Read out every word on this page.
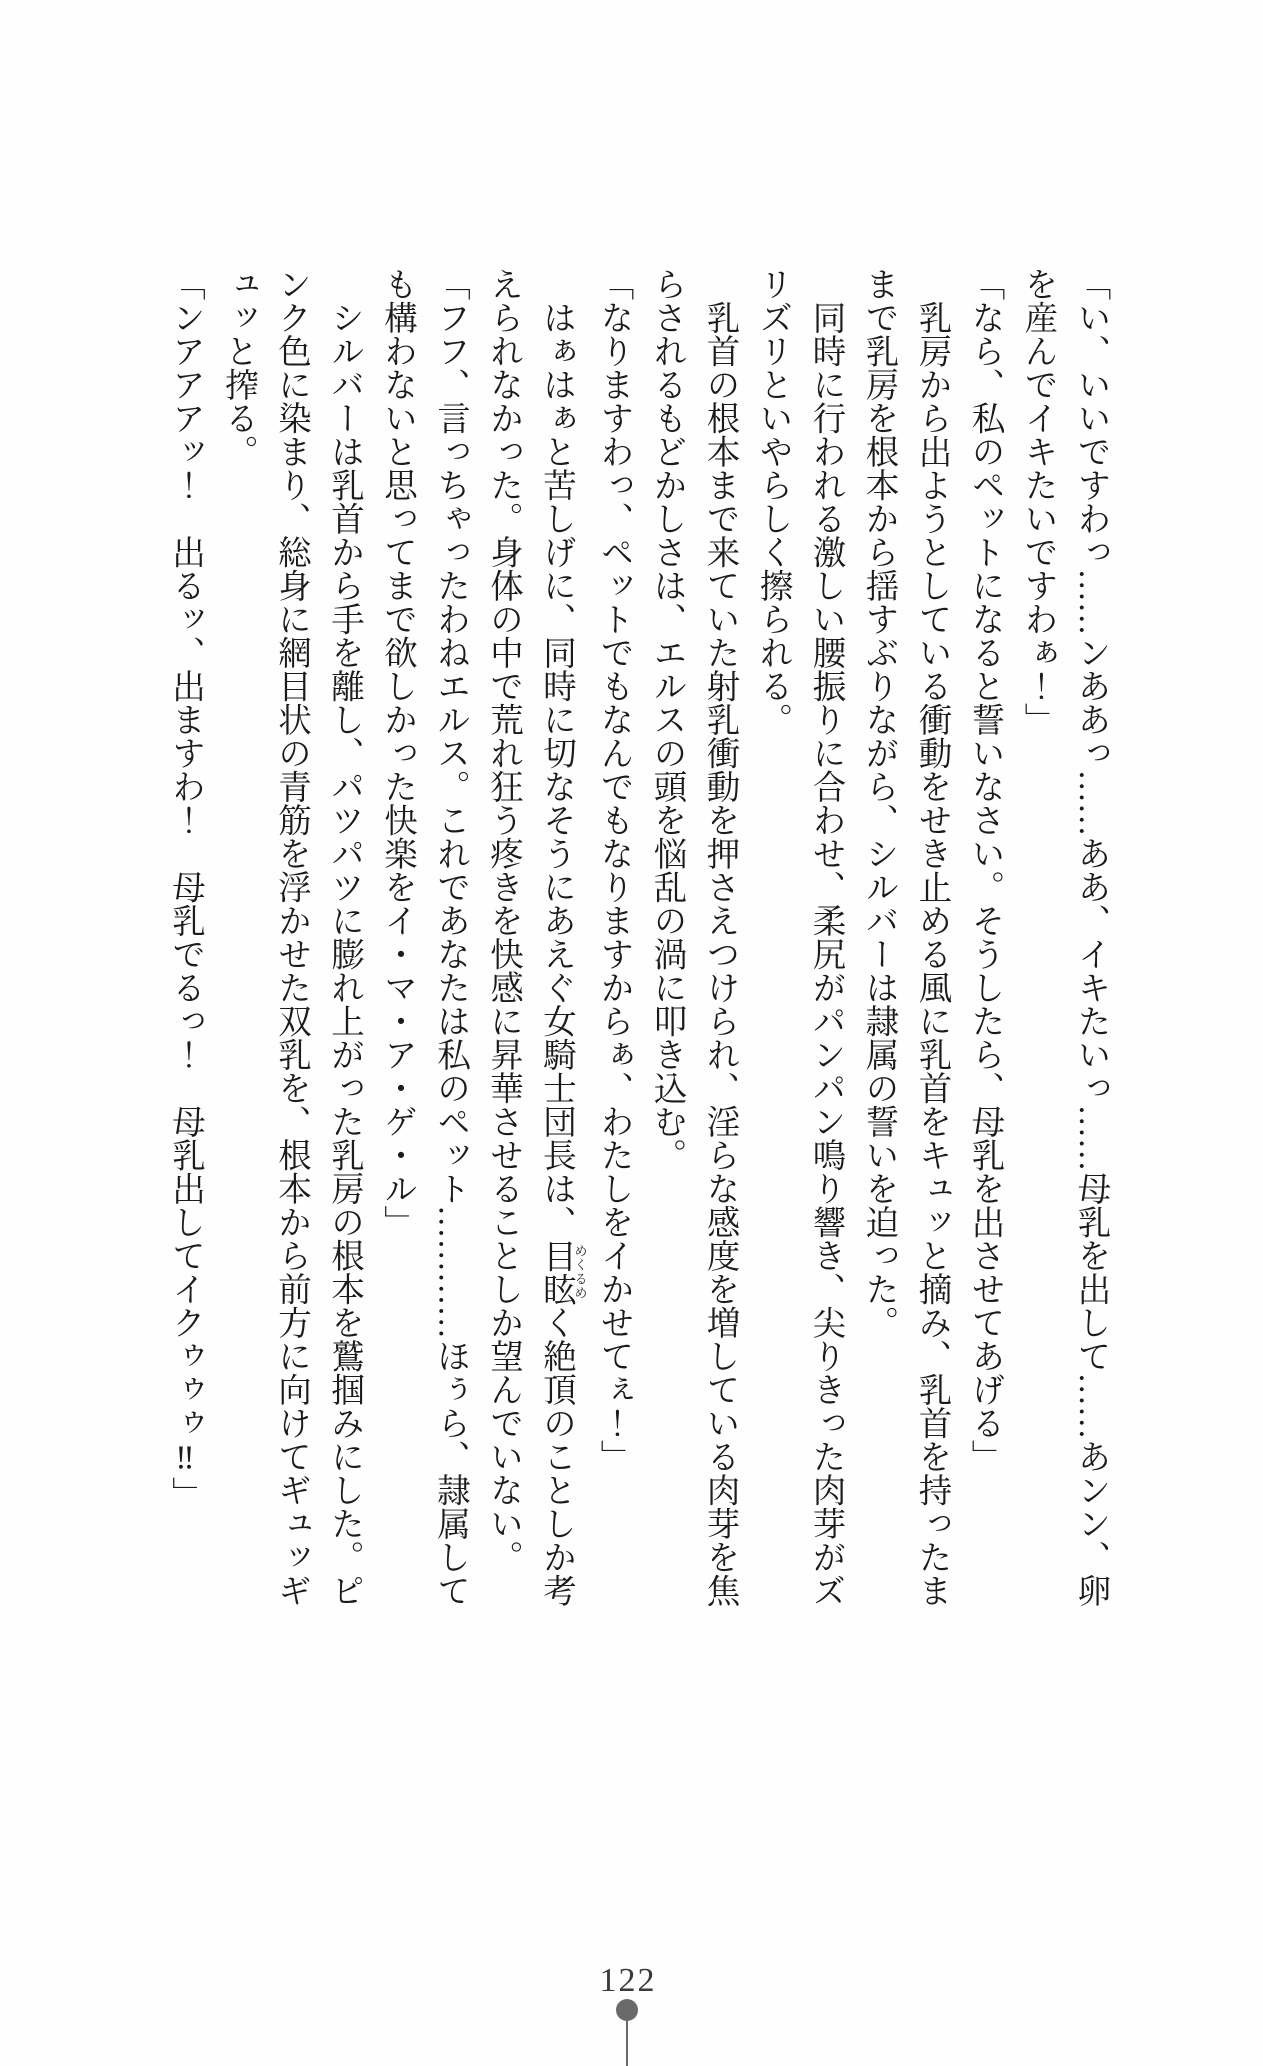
「い、いいですわっ……ンああっ……ああ、イキたいっ……母乳を出して……あンン、卵を産んでイキたいですわぁ！」

「なら、私のペットになると誓いなさい。そうしたら、母乳を出させてあげる」

　乳房から出ようとしている衝動をせき止める風に乳首をキュッと摘み、乳首を持ったままで乳房を根本から揺すぶりながら、シルバーは隷属の誓いを迫った。

　同時に行われる激しい腰振りに合わせ、柔尻がパンパン鳴り響き、尖りきった肉芽がズリズリといやらしく擦られる。

　乳首の根本まで来ていた射乳衝動を押さえつけられ、淫らな感度を増している肉芽を焦らされるもどかしさは、エルスの頭を悩乱の渦に叩き込む。

「なりますわっ、ペットでもなんでもなりますからぁ、わたしをイかせてぇ！」

　はぁはぁと苦しげに、同時に切なそうにあえぐ女騎士団長は、目眩めくるめく絶頂のことしか考えられなかった。身体の中で荒れ狂う疼きを快感に昇華させることしか望んでいない。

「フフ、言っちゃったわねエルス。これであなたは私のペット…………ほぅら、隷属しても構わないと思ってまで欲しかった快楽をイ・マ・ア・ゲ・ル」

　シルバーは乳首から手を離し、パツパツに膨れ上がった乳房の根本を鷲掴みにした。ピンク色に染まり、総身に網目状の青筋を浮かせた双乳を、根本から前方に向けてギュッギュッと搾る。

「ンアアアッ！　出るッ、出ますわ！　母乳でるっ！　母乳出してイクゥゥゥ‼」

122
